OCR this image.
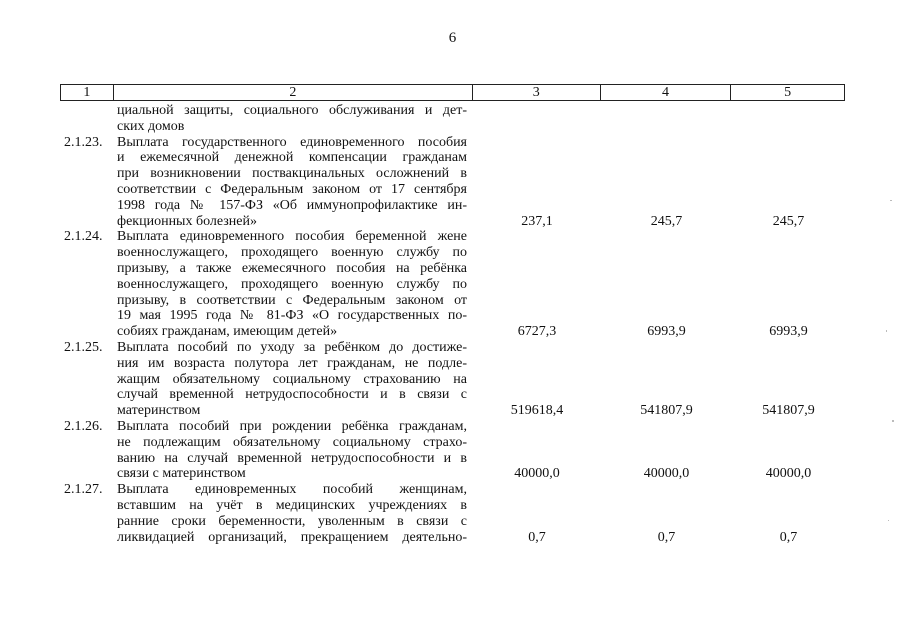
6
1	2	3	4	5
циальной защиты, социального обслуживания и дет-
ских домов
2.1.23.	Выплата государственного единовременного пособия
и ежемесячной денежной компенсации гражданам
при возникновении поствакцинальных осложнений в
соответствии с Федеральным законом от 17 сентября
1998 года № 157-ФЗ «Об иммунопрофилактике ин-
фекционных болезней»	237,1	245,7	245,7
2.1.24.	Выплата единовременного пособия беременной жене
военнослужащего, проходящего военную службу по
призыву, а также ежемесячного пособия на ребёнка
военнослужащего, проходящего военную службу по
призыву, в соответствии с Федеральным законом от
19 мая 1995 года № 81-ФЗ «О государственных по-
собиях гражданам, имеющим детей»	6727,3	6993,9	6993,9
2.1.25.	Выплата пособий по уходу за ребёнком до достиже-
ния им возраста полутора лет гражданам, не подле-
жащим обязательному социальному страхованию на
случай временной нетрудоспособности и в связи с
материнством	519618,4	541807,9	541807,9
2.1.26.	Выплата пособий при рождении ребёнка гражданам,
не подлежащим обязательному социальному страхо-
ванию на случай временной нетрудоспособности и в
связи с материнством	40000,0	40000,0	40000,0
2.1.27.	Выплата единовременных пособий женщинам,
вставшим на учёт в медицинских учреждениях в
ранние сроки беременности, уволенным в связи с
ликвидацией организаций, прекращением деятельно-	0,7	0,7	0,7
